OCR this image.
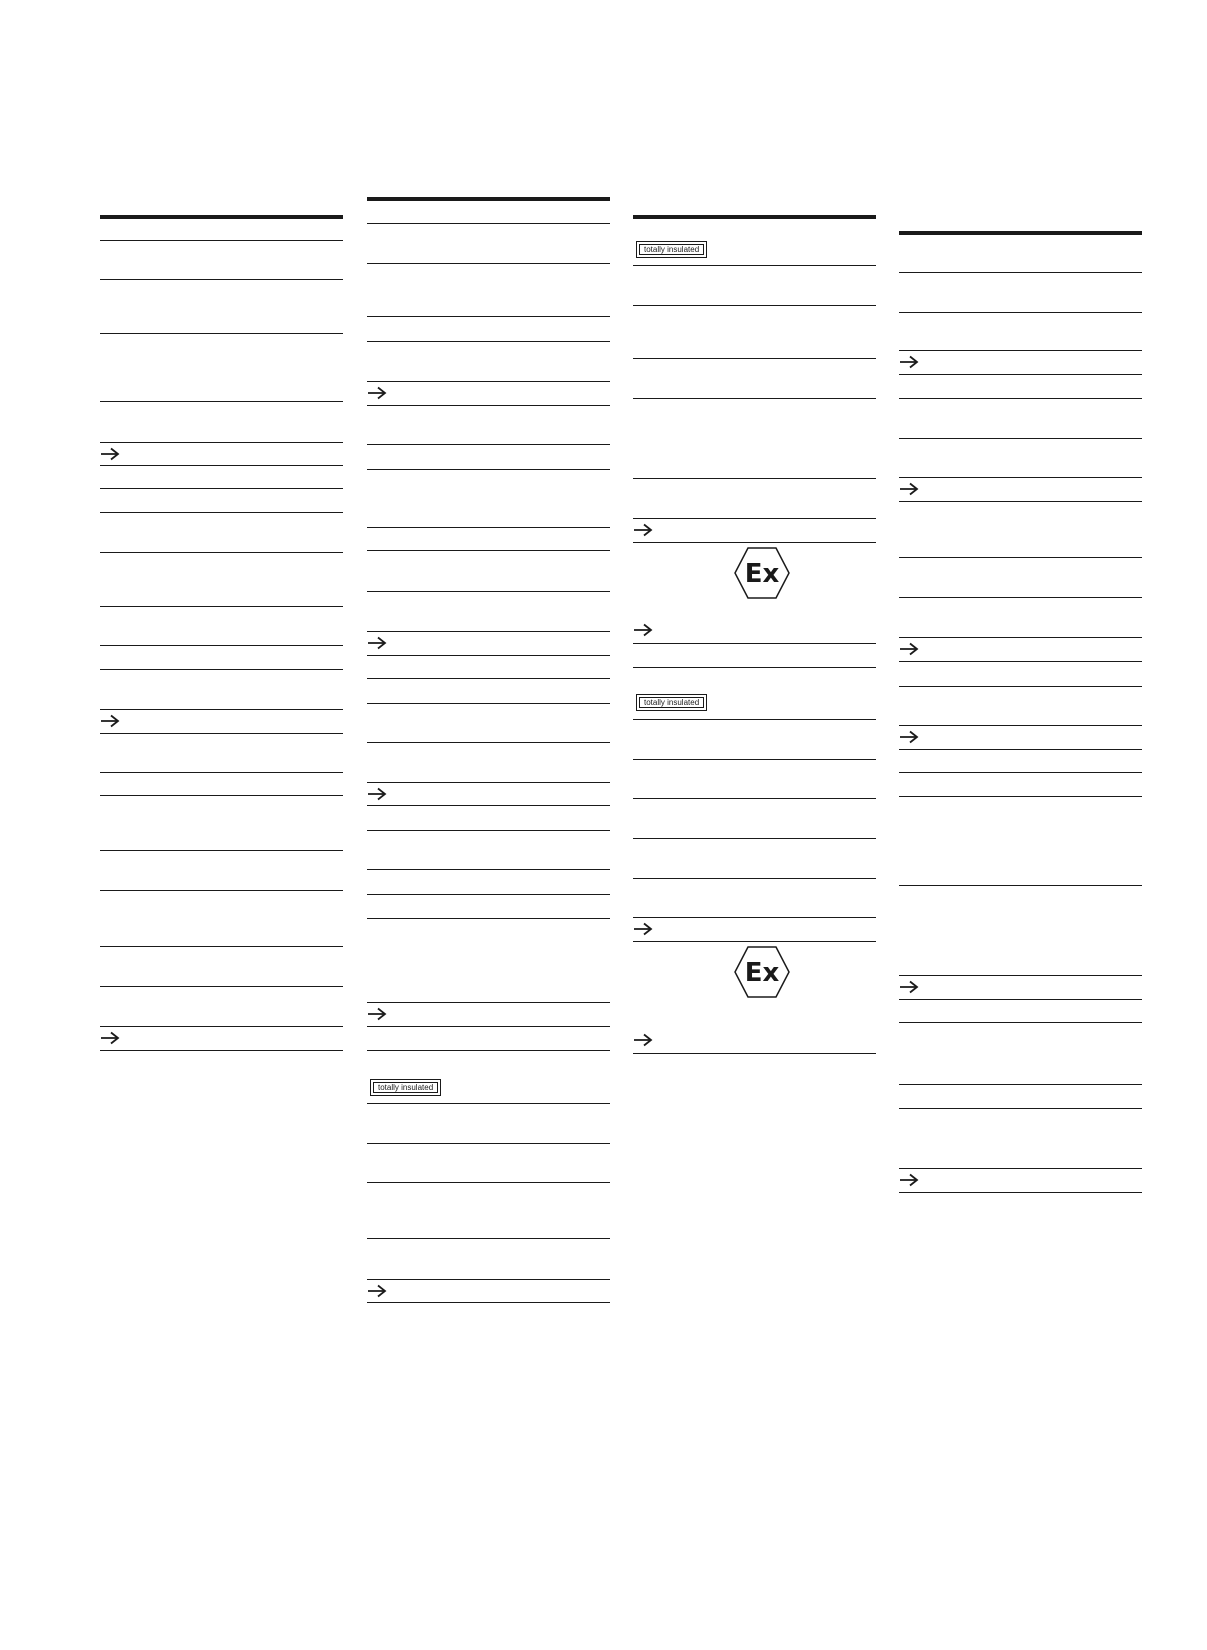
totally insulated
totally insulated
Ex
totally insulated
Ex
